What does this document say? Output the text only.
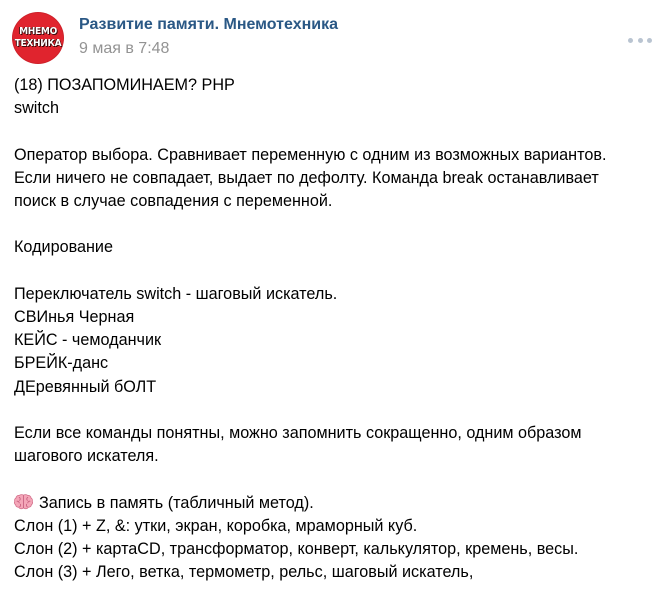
МНЕМО
ТЕХНИКА
Развитие памяти. Мнемотехника
9 мая в 7:48
(18) ПОЗАПОМИНАЕМ? PHP
switch
Оператор выбора. Сравнивает переменную с одним из возможных вариантов.
Если ничего не совпадает, выдает по дефолту. Команда break останавливает
поиск в случае совпадения с переменной.
Кодирование
Переключатель switch - шаговый искатель.
СВИнья Черная
КЕЙС - чемоданчик
БРЕЙК-данс
ДЕревянный бОЛТ
Если все команды понятны, можно запомнить сокращенно, одним образом
шагового искателя.
Запись в память (табличный метод).
Слон (1) + Z, &: утки, экран, коробка, мраморный куб.
Слон (2) + картаCD, трансформатор, конверт, калькулятор, кремень, весы.
Слон (3) + Лего, ветка, термометр, рельс, шаговый искатель,
